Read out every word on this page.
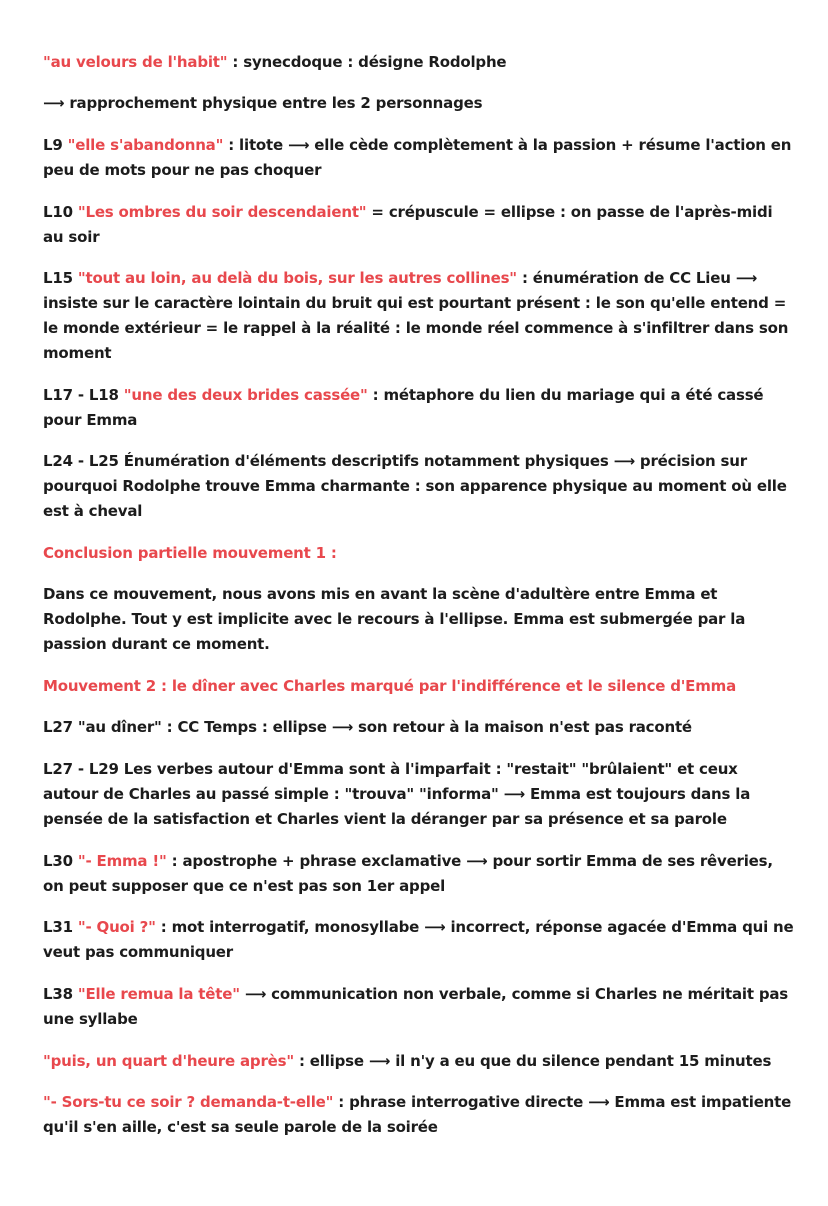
"au velours de l'habit" : synecdoque : désigne Rodolphe

⟶ rapprochement physique entre les 2 personnages

L9 "elle s'abandonna" : litote ⟶ elle cède complètement à la passion + résume l'action en peu de mots pour ne pas choquer

L10 "Les ombres du soir descendaient" = crépuscule = ellipse : on passe de l'après-midi au soir

L15 "tout au loin, au delà du bois, sur les autres collines" : énumération de CC Lieu ⟶ insiste sur le caractère lointain du bruit qui est pourtant présent : le son qu'elle entend = le monde extérieur = le rappel à la réalité : le monde réel commence à s'infiltrer dans son moment

L17 - L18 "une des deux brides cassée" : métaphore du lien du mariage qui a été cassé pour Emma

L24 - L25 Énumération d'éléments descriptifs notamment physiques ⟶ précision sur pourquoi Rodolphe trouve Emma charmante : son apparence physique au moment où elle est à cheval

Conclusion partielle mouvement 1 :

Dans ce mouvement, nous avons mis en avant la scène d'adultère entre Emma et Rodolphe. Tout y est implicite avec le recours à l'ellipse. Emma est submergée par la passion durant ce moment.

Mouvement 2 : le dîner avec Charles marqué par l'indifférence et le silence d'Emma

L27 "au dîner" : CC Temps : ellipse ⟶ son retour à la maison n'est pas raconté

L27 - L29 Les verbes autour d'Emma sont à l'imparfait : "restait" "brûlaient" et ceux autour de Charles au passé simple : "trouva" "informa" ⟶ Emma est toujours dans la pensée de la satisfaction et Charles vient la déranger par sa présence et sa parole

L30 "- Emma !" : apostrophe + phrase exclamative ⟶ pour sortir Emma de ses rêveries, on peut supposer que ce n'est pas son 1er appel

L31 "- Quoi ?" : mot interrogatif, monosyllabe ⟶ incorrect, réponse agacée d'Emma qui ne veut pas communiquer

L38 "Elle remua la tête" ⟶ communication non verbale, comme si Charles ne méritait pas une syllabe

"puis, un quart d'heure après" : ellipse ⟶ il n'y a eu que du silence pendant 15 minutes

"- Sors-tu ce soir ? demanda-t-elle" : phrase interrogative directe ⟶ Emma est impatiente qu'il s'en aille, c'est sa seule parole de la soirée
